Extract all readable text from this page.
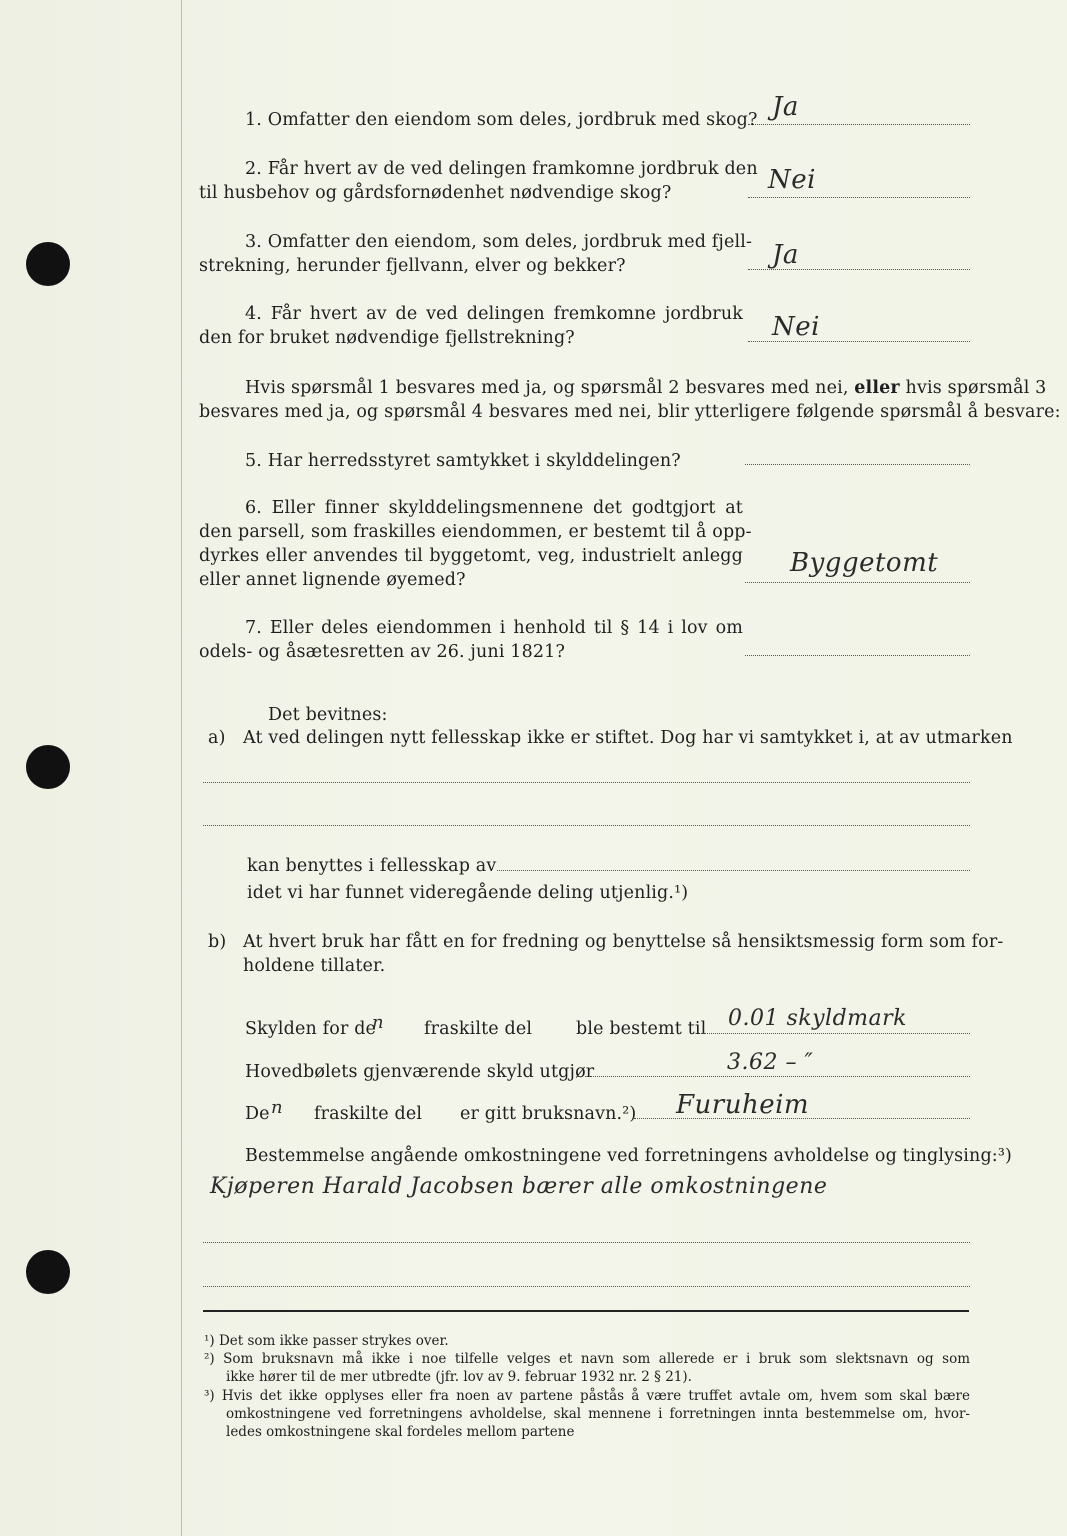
1. Omfatter den eiendom som deles, jordbruk med skog? Ja
2. Får hvert av de ved delingen framkomne jordbruk den
til husbehov og gårdsfornødenhet nødvendige skog?	Nei
3. Omfatter den eiendom, som deles, jordbruk med fjell-
strekning, herunder fjellvann, elver og bekker?	Ja
4. Får hvert av de ved delingen fremkomne jordbruk
den for bruket nødvendige fjellstrekning?	Nei
Hvis spørsmål 1 besvares med ja, og spørsmål 2 besvares med nei, eller hvis spørsmål 3
besvares med ja, og spørsmål 4 besvares med nei, blir ytterligere følgende spørsmål å besvare:
5. Har herredsstyret samtykket i skylddelingen?
6. Eller finner skylddelingsmennene det godtgjort at
den parsell, som fraskilles eiendommen, er bestemt til å opp-
dyrkes eller anvendes til byggetomt, veg, industrielt anlegg
eller annet lignende øyemed?
Byggetomt
7. Eller deles eiendommen i henhold til § 14 i lov om
odels- og åsætesretten av 26. juni 1821?
Det bevitnes:
a) At ved delingen nytt fellesskap ikke er stiftet. Dog har vi samtykket i, at av utmarken
kan benyttes i fellesskap av
idet vi har funnet videregående deling utjenlig.¹)
b) At hvert bruk har fått en for fredning og benyttelse så hensiktsmessig form som for-
holdene tillater.
Skylden for de
n fraskilte del	ble bestemt til 0.01 skyldmark
Hovedbølets gjenværende skyld utgjør	3.62 – ″
De n fraskilte del er gitt bruksnavn.²) Furuheim
Bestemmelse angående omkostningene ved forretningens avholdelse og tinglysing:³)
Kjøperen Harald Jacobsen bærer alle omkostningene
¹) Det som ikke passer strykes over.
²) Som bruksnavn må ikke i noe tilfelle velges et navn som allerede er i bruk som slektsnavn og som
ikke hører til de mer utbredte (jfr. lov av 9. februar 1932 nr. 2 § 21).
³) Hvis det ikke opplyses eller fra noen av partene påstås å være truffet avtale om, hvem som skal bære
omkostningene ved forretningens avholdelse, skal mennene i forretningen innta bestemmelse om, hvor-
ledes omkostningene skal fordeles mellom partene
